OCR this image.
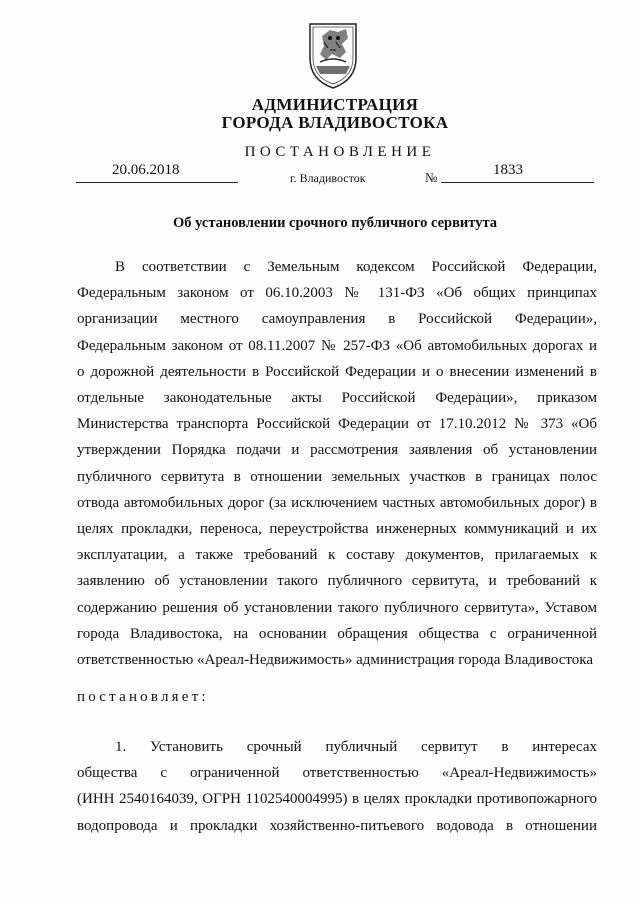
АДМИНИСТРАЦИЯ
ГОРОДА ВЛАДИВОСТОКА
ПОСТАНОВЛЕНИЕ
20.06.2018	г. Владивосток	№	1833
Об установлении срочного публичного сервитута
В соответствии с Земельным кодексом Российской Федерации,
Федеральным законом от 06.10.2003 № 131-ФЗ «Об общих принципах
организации местного самоуправления в Российской Федерации»,
Федеральным законом от 08.11.2007 № 257-ФЗ «Об автомобильных дорогах и
о дорожной деятельности в Российской Федерации и о внесении изменений в
отдельные законодательные акты Российской Федерации», приказом
Министерства транспорта Российской Федерации от 17.10.2012 № 373 «Об
утверждении Порядка подачи и рассмотрения заявления об установлении
публичного сервитута в отношении земельных участков в границах полос
отвода автомобильных дорог (за исключением частных автомобильных дорог) в
целях прокладки, переноса, переустройства инженерных коммуникаций и их
эксплуатации, а также требований к составу документов, прилагаемых к
заявлению об установлении такого публичного сервитута, и требований к
содержанию решения об установлении такого публичного сервитута», Уставом
города Владивостока, на основании обращения общества с ограниченной
ответственностью «Ареал-Недвижимость» администрация города Владивостока
постановляет:
1. Установить срочный публичный сервитут в интересах
общества с ограниченной ответственностью «Ареал-Недвижимость»
(ИНН 2540164039, ОГРН 1102540004995) в целях прокладки противопожарного
водопровода и прокладки хозяйственно-питьевого водовода в отношении
